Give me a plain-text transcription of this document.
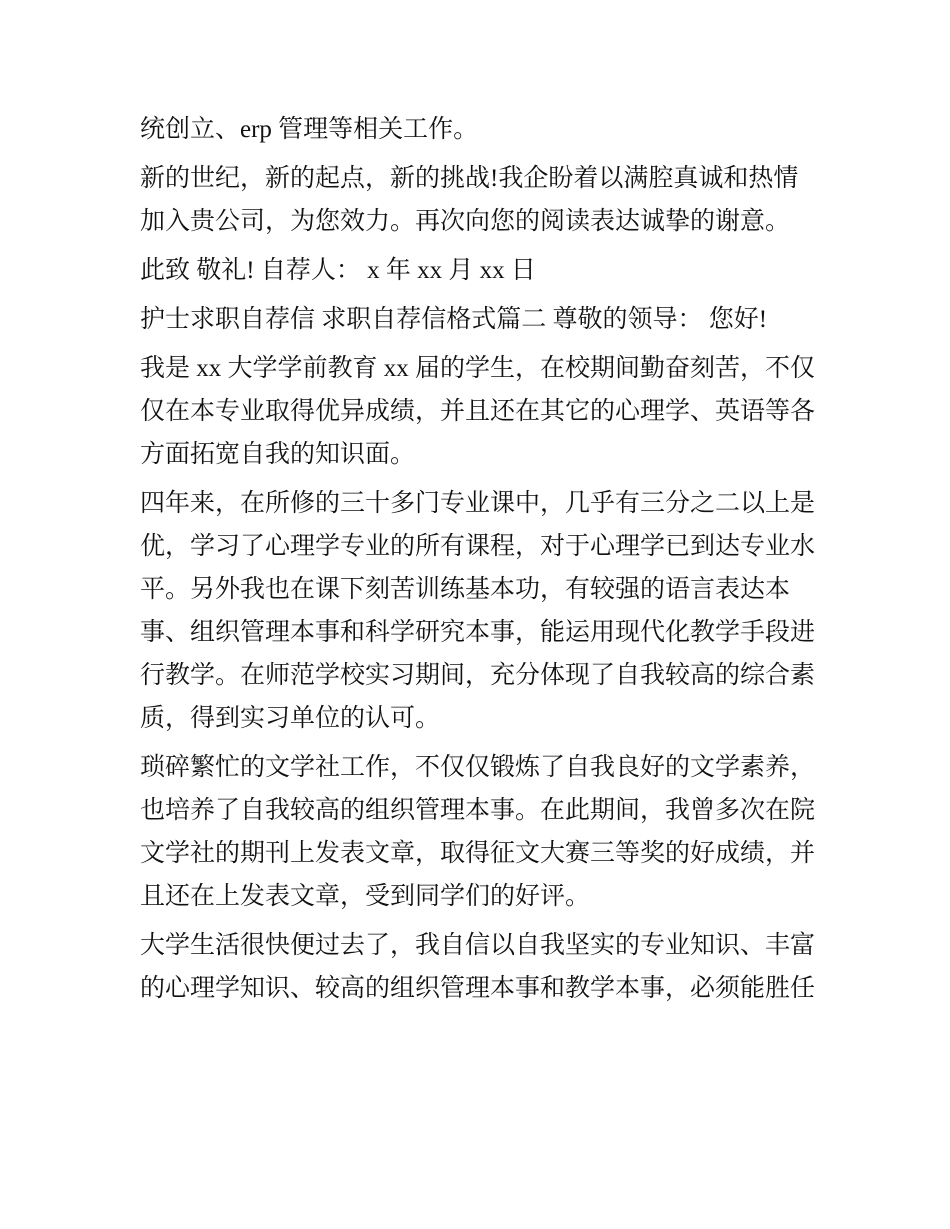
统创立、erp 管理等相关工作。
新的世纪，新的起点，新的挑战!我企盼着以满腔真诚和热情
加入贵公司，为您效力。再次向您的阅读表达诚挚的谢意。
此致 敬礼! 自荐人： x 年 xx 月 xx 日
护士求职自荐信 求职自荐信格式篇二 尊敬的领导： 您好!
我是 xx 大学学前教育 xx 届的学生，在校期间勤奋刻苦，不仅
仅在本专业取得优异成绩，并且还在其它的心理学、英语等各
方面拓宽自我的知识面。
四年来，在所修的三十多门专业课中，几乎有三分之二以上是
优，学习了心理学专业的所有课程，对于心理学已到达专业水
平。另外我也在课下刻苦训练基本功，有较强的语言表达本
事、组织管理本事和科学研究本事，能运用现代化教学手段进
行教学。在师范学校实习期间，充分体现了自我较高的综合素
质，得到实习单位的认可。
琐碎繁忙的文学社工作，不仅仅锻炼了自我良好的文学素养，
也培养了自我较高的组织管理本事。在此期间，我曾多次在院
文学社的期刊上发表文章，取得征文大赛三等奖的好成绩，并
且还在上发表文章，受到同学们的好评。
大学生活很快便过去了，我自信以自我坚实的专业知识、丰富
的心理学知识、较高的组织管理本事和教学本事，必须能胜任
